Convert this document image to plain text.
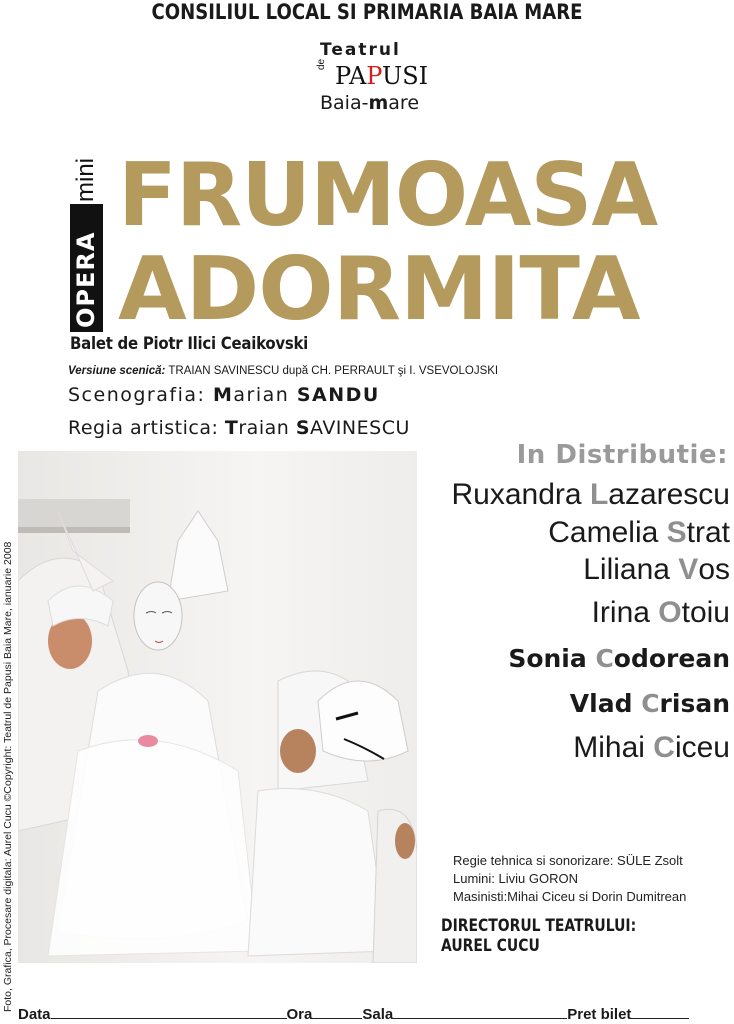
CONSILIUL LOCAL SI PRIMARIA BAIA MARE
Teatrul
de PAPUSI
Baia-mare
OPERA
mini FRUMOASA
ADORMITA
Balet de Piotr Ilici Ceaikovski
Versiune scenică: TRAIAN SAVINESCU după CH. PERRAULT şi I. VSEVOLOJSKI
Scenografia: Marian SANDU
Regia artistica: Traian SAVINESCU
Foto, Grafica, Procesare digitala: Aurel Cucu ©Copyright: Teatrul de Papusi Baia Mare, ianuarie 2008
In Distributie:
Ruxandra Lazarescu
Camelia Strat
Liliana Vos
Irina Otoiu
Sonia Codorean
Vlad Crisan
Mihai Ciceu
Regie tehnica si sonorizare: SÜLE Zsolt
Lumini: Liviu GORON
Masinisti:Mihai Ciceu si Dorin Dumitrean
DIRECTORUL TEATRULUI: AUREL CUCU
Data	Ora	Sala	Pret bilet
